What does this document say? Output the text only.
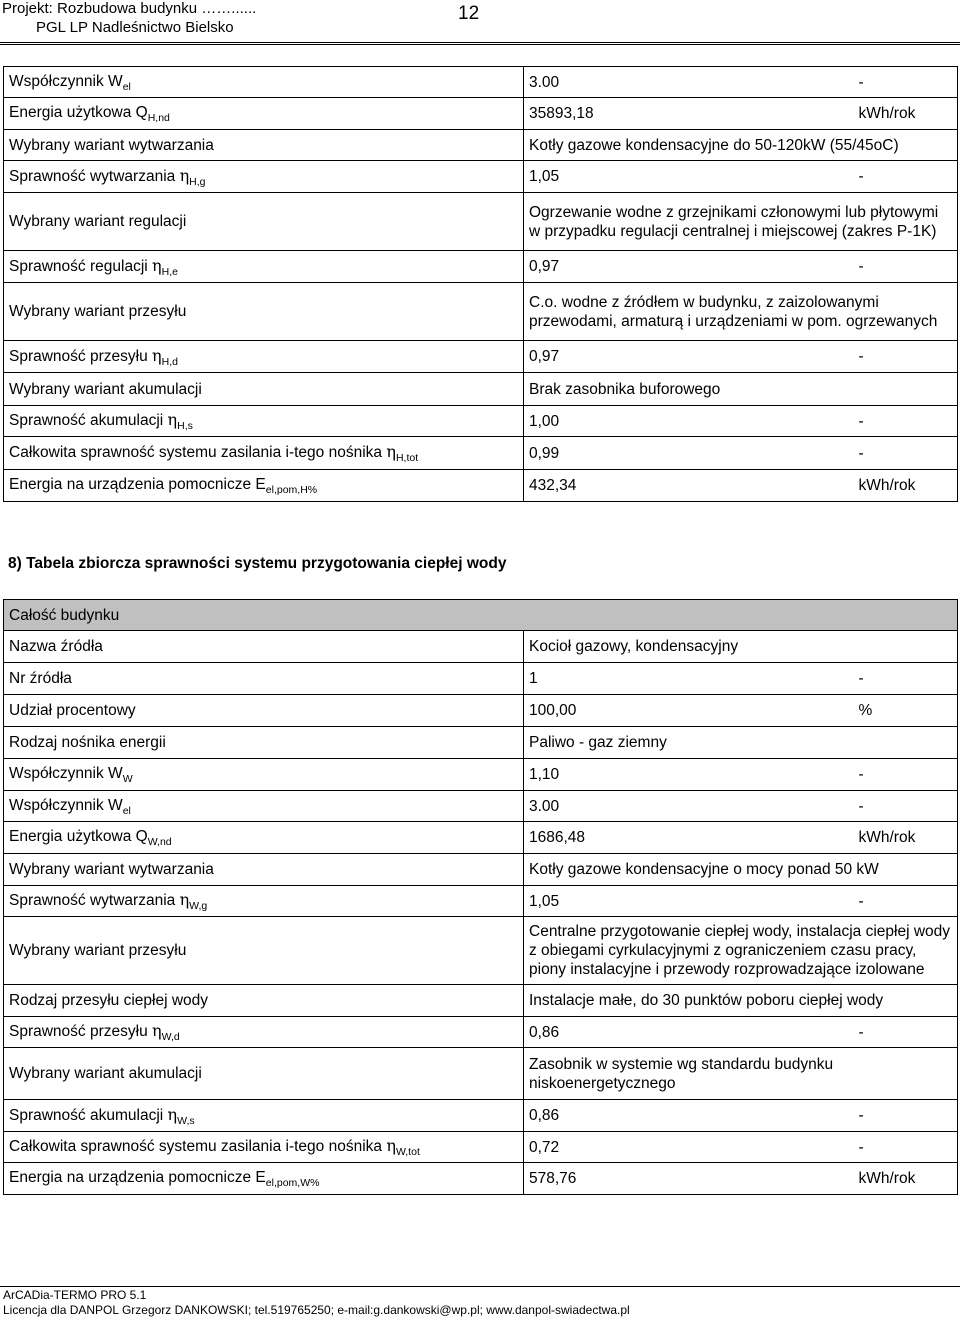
Projekt: Rozbudowa budynku ……......
PGL LP Nadleśnictwo Bielsko
12
Współczynnik $W_{el}$	3.00	-
Energia użytkowa $Q_{H,nd}$	35893,18	kWh/rok
Wybrany wariant wytwarzania	Kotły gazowe kondensacyjne do 50-120kW (55/45oC)	
Sprawność wytwarzania $\eta_{H,g}$	1,05	-
Wybrany wariant regulacji	Ogrzewanie wodne z grzejnikami członowymi lub płytowymi w przypadku regulacji centralnej i miejscowej (zakres P-1K)	
Sprawność regulacji $\eta_{H,e}$	0,97	-
Wybrany wariant przesyłu	C.o. wodne z źródłem w budynku, z zaizolowanymi przewodami, armaturą i urządzeniami w pom. ogrzewanych	
Sprawność przesyłu $\eta_{H,d}$	0,97	-
Wybrany wariant akumulacji	Brak zasobnika buforowego	
Sprawność akumulacji $\eta_{H,s}$	1,00	-
Całkowita sprawność systemu zasilania i-tego nośnika $\eta_{H,tot}$	0,99	-
Energia na urządzenia pomocnicze $E_{el,pom,H\%}$	432,34	kWh/rok
8) Tabela zbiorcza sprawności systemu przygotowania ciepłej wody
Całość budynku		
Nazwa źródła	Kocioł gazowy, kondensacyjny	
Nr źródła	1	-
Udział procentowy	100,00	%
Rodzaj nośnika energii	Paliwo - gaz ziemny	
Współczynnik $W_W$	1,10	-
Współczynnik $W_{el}$	3.00	-
Energia użytkowa $Q_{W,nd}$	1686,48	kWh/rok
Wybrany wariant wytwarzania	Kotły gazowe kondensacyjne o mocy ponad 50 kW	
Sprawność wytwarzania $\eta_{W,g}$	1,05	-
Wybrany wariant przesyłu	Centralne przygotowanie ciepłej wody, instalacja ciepłej wody z obiegami cyrkulacyjnymi z ograniczeniem czasu pracy, piony instalacyjne i przewody rozprowadzające izolowane	
Rodzaj przesyłu ciepłej wody	Instalacje małe, do 30 punktów poboru ciepłej wody	
Sprawność przesyłu $\eta_{W,d}$	0,86	-
Wybrany wariant akumulacji	Zasobnik w systemie wg standardu budynku niskoenergetycznego	
Sprawność akumulacji $\eta_{W,s}$	0,86	-
Całkowita sprawność systemu zasilania i-tego nośnika $\eta_{W,tot}$	0,72	-
Energia na urządzenia pomocnicze $E_{el,pom,W\%}$	578,76	kWh/rok
ArCADia-TERMO PRO 5.1
Licencja dla DANPOL Grzegorz DANKOWSKI; tel.519765250; e-mail:g.dankowski@wp.pl; www.danpol-swiadectwa.pl
